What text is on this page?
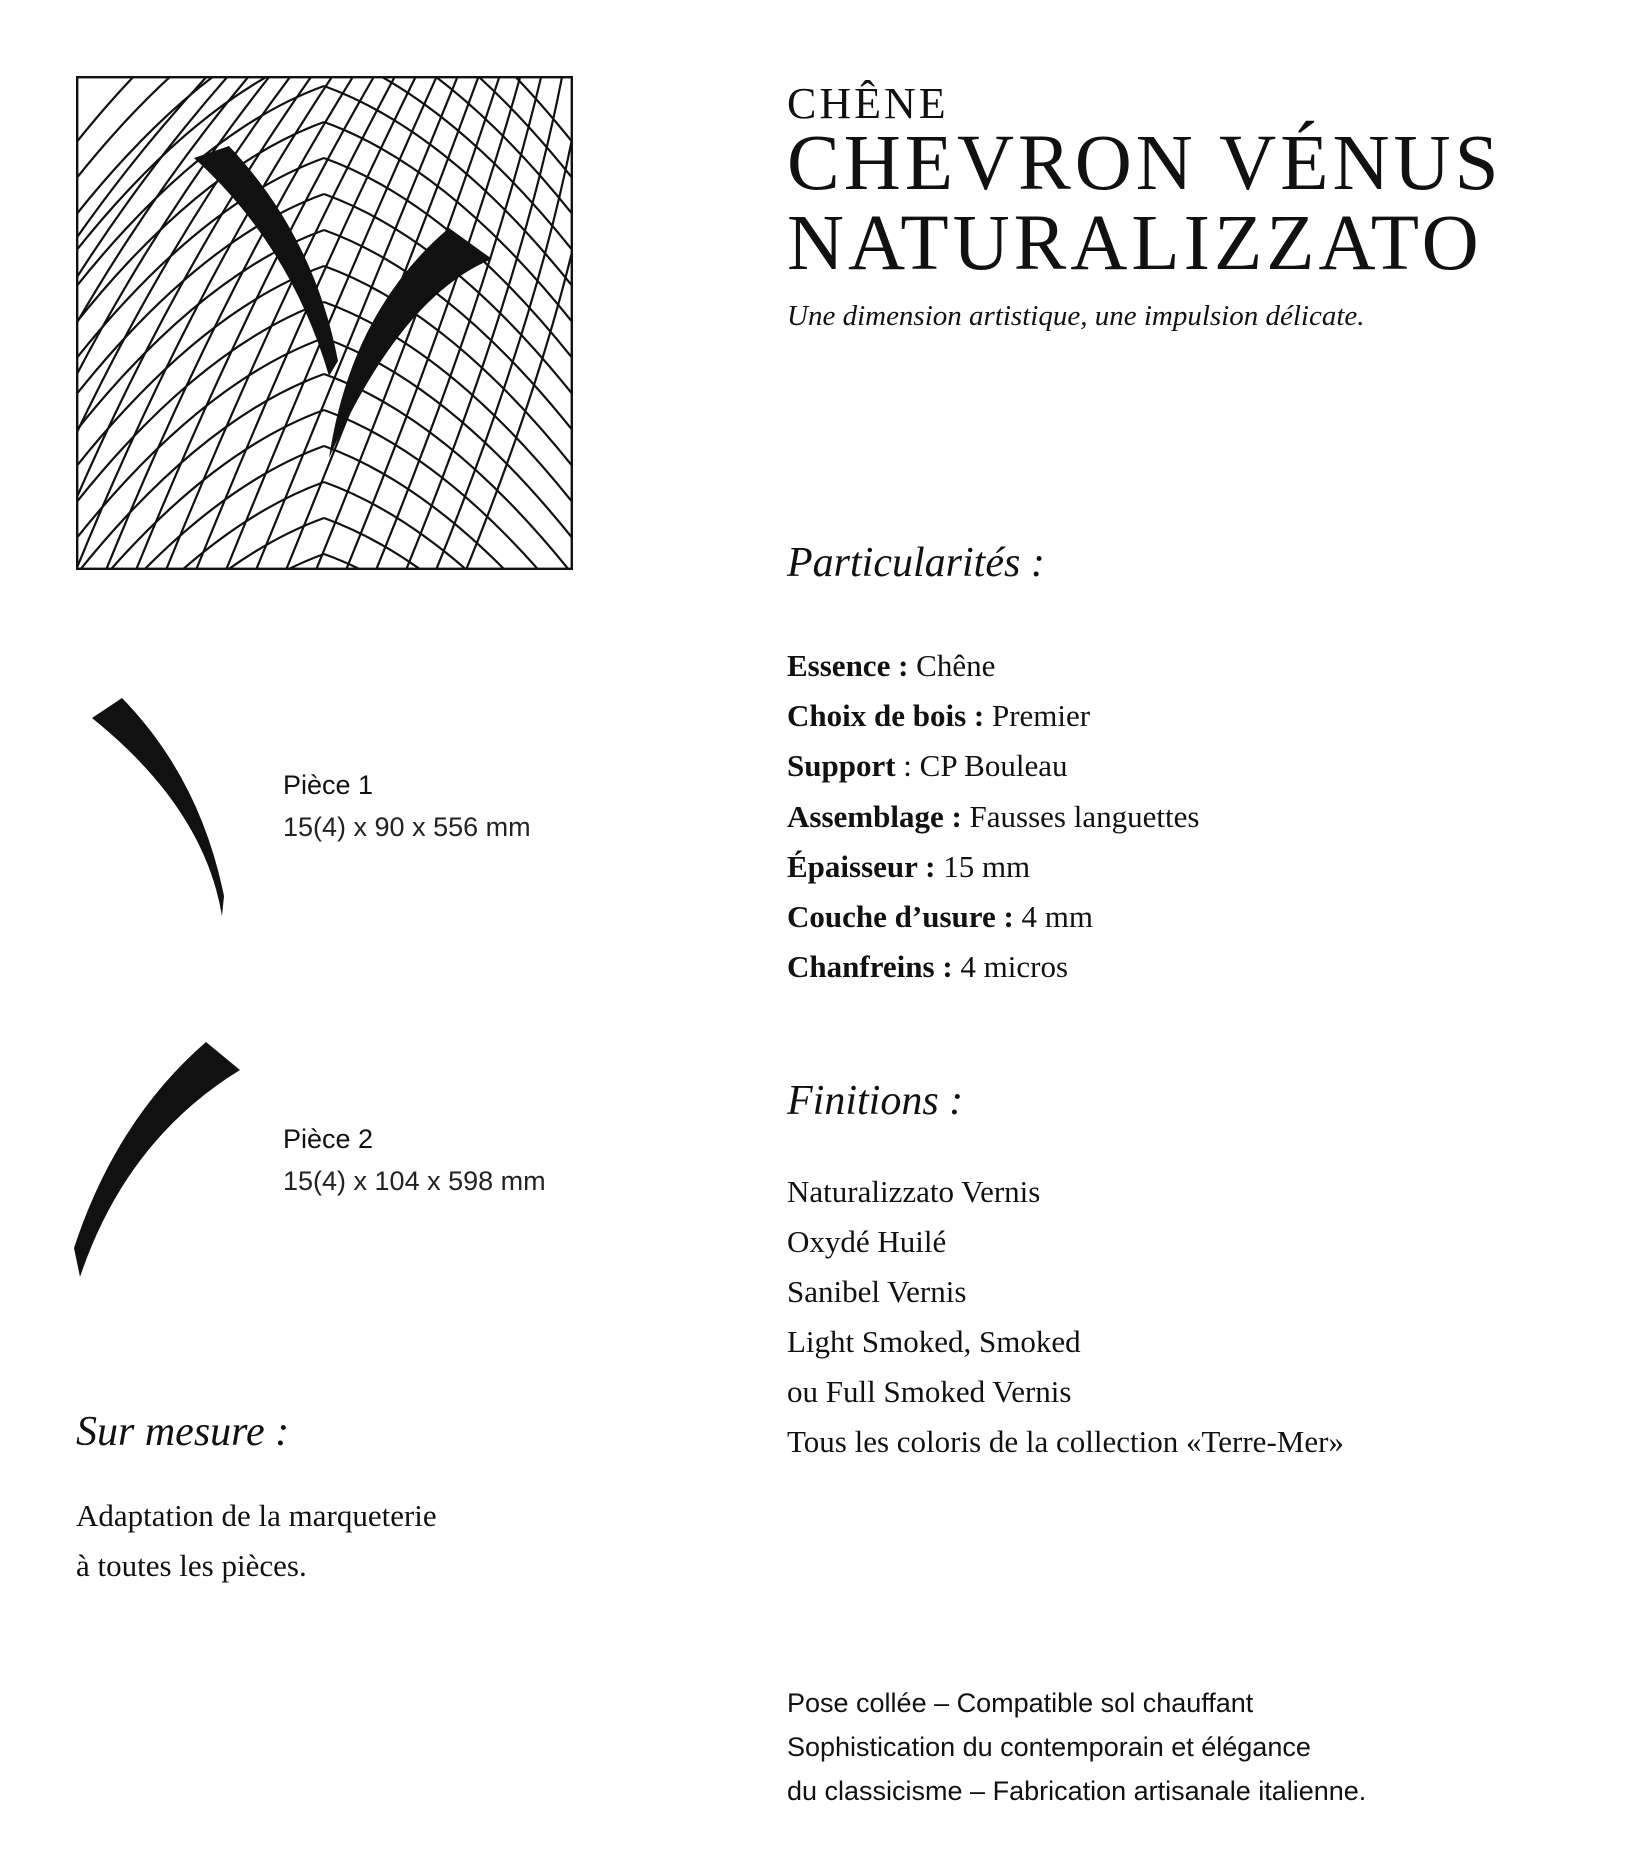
CHÊNE
CHEVRON VÉNUS
NATURALIZZATO
Une dimension artistique, une impulsion délicate.
Particularités :
Essence : Chêne
Choix de bois : Premier
Support : CP Bouleau
Assemblage : Fausses languettes
Épaisseur : 15 mm
Couche d’usure : 4 mm
Chanfreins : 4 micros
Finitions :
Naturalizzato Vernis
Oxydé Huilé
Sanibel Vernis
Light Smoked, Smoked
ou Full Smoked Vernis
Tous les coloris de la collection «Terre-Mer»
Pièce 1
15(4) x 90 x 556 mm
Pièce 2
15(4) x 104 x 598 mm
Sur mesure :
Adaptation de la marqueterie
à toutes les pièces.
Pose collée – Compatible sol chauffant
Sophistication du contemporain et élégance
du classicisme – Fabrication artisanale italienne.
